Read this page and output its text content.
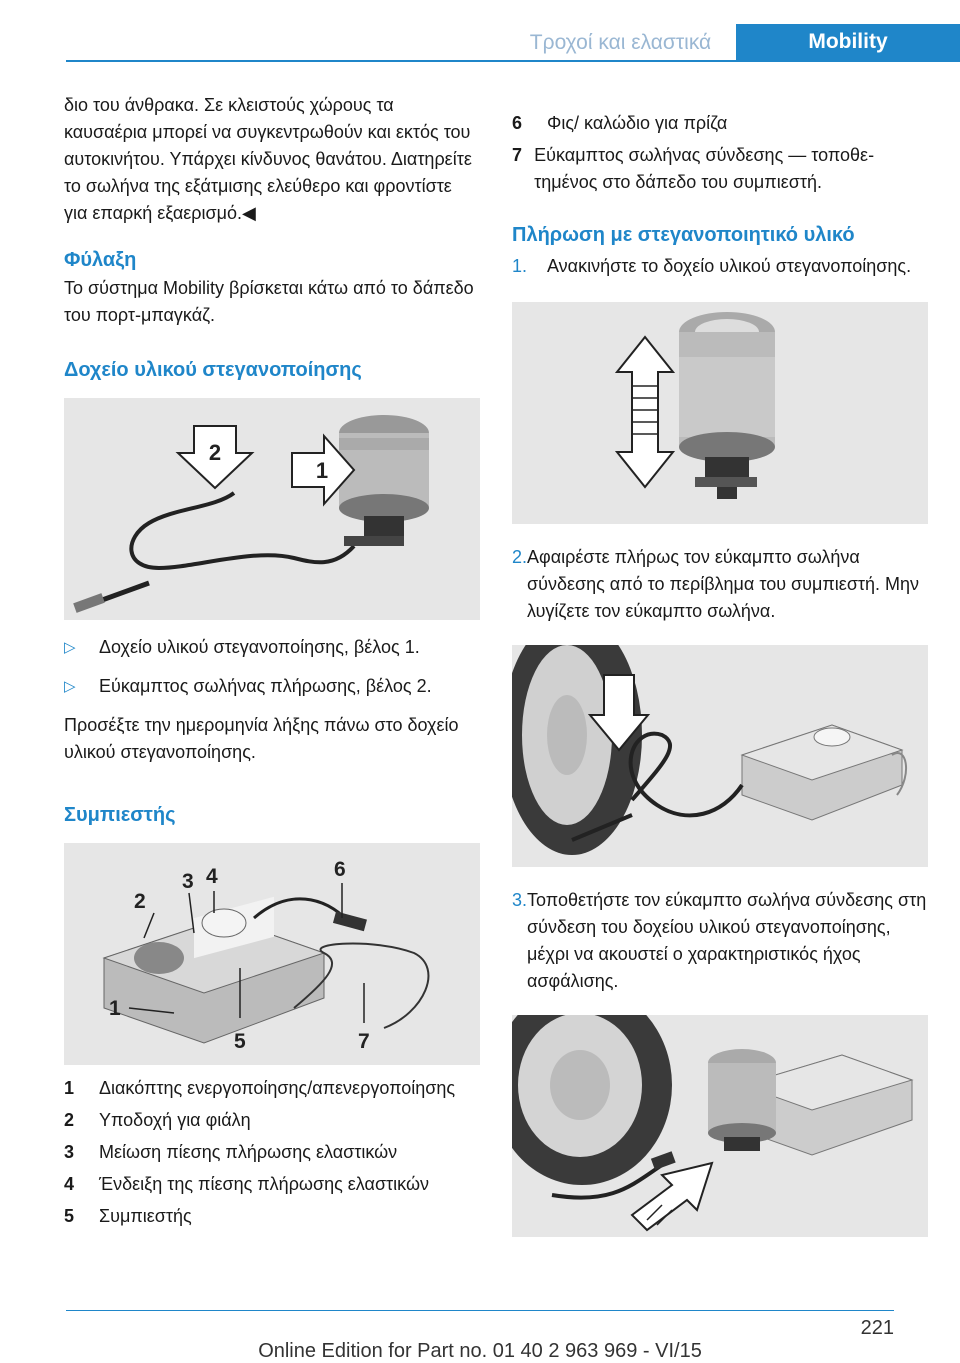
Τροχοί και ελαστικά	Mobility

διο του άνθρακα. Σε κλειστούς χώρους τα καυσαέρια μπορεί να συγκεντρωθούν και εκτός του αυτοκινήτου. Υπάρχει κίνδυνος θανάτου. Διατηρείτε το σωλήνα της εξάτμισης ελεύθερο και φροντίστε για επαρκή εξαερισμό.◀

Φύλαξη

Το σύστημα Mobility βρίσκεται κάτω από το δάπεδο του πορτ-μπαγκάζ.

Δοχείο υλικού στεγανοποίησης
2
1
▷	Δοχείο υλικού στεγανοποίησης, βέλος 1.
▷	Εύκαμπτος σωλήνας πλήρωσης, βέλος 2.

Προσέξτε την ημερομηνία λήξης πάνω στο δοχείο υλικού στεγανοποίησης.

Συμπιεστής
2
3 4	6
1
5	7
1	Διακόπτης ενεργοποίησης/απενεργοποίησης
2	Υποδοχή για φιάλη
3	Μείωση πίεσης πλήρωσης ελαστικών
4	Ένδειξη της πίεσης πλήρωσης ελαστικών
5	Συμπιεστής
6	Φις/ καλώδιο για πρίζα
7 Εύκαμπτος σωλήνας σύνδεσης — τοποθετημένος στο δάπεδο του συμπιεστή.
Πλήρωση με στεγανοποιητικό υλικό
1.	Ανακινήστε το δοχείο υλικού στεγανοποίησης.
2. Αφαιρέστε πλήρως τον εύκαμπτο σωλήνα σύνδεσης από το περίβλημα του συμπιεστή. Μην λυγίζετε τον εύκαμπτο σωλήνα.
3. Τοποθετήστε τον εύκαμπτο σωλήνα σύνδεσης στη σύνδεση του δοχείου υλικού στεγανοποίησης, μέχρι να ακουστεί ο χαρακτηριστικός ήχος ασφάλισης.
221
Online Edition for Part no. 01 40 2 963 969 - VI/15
